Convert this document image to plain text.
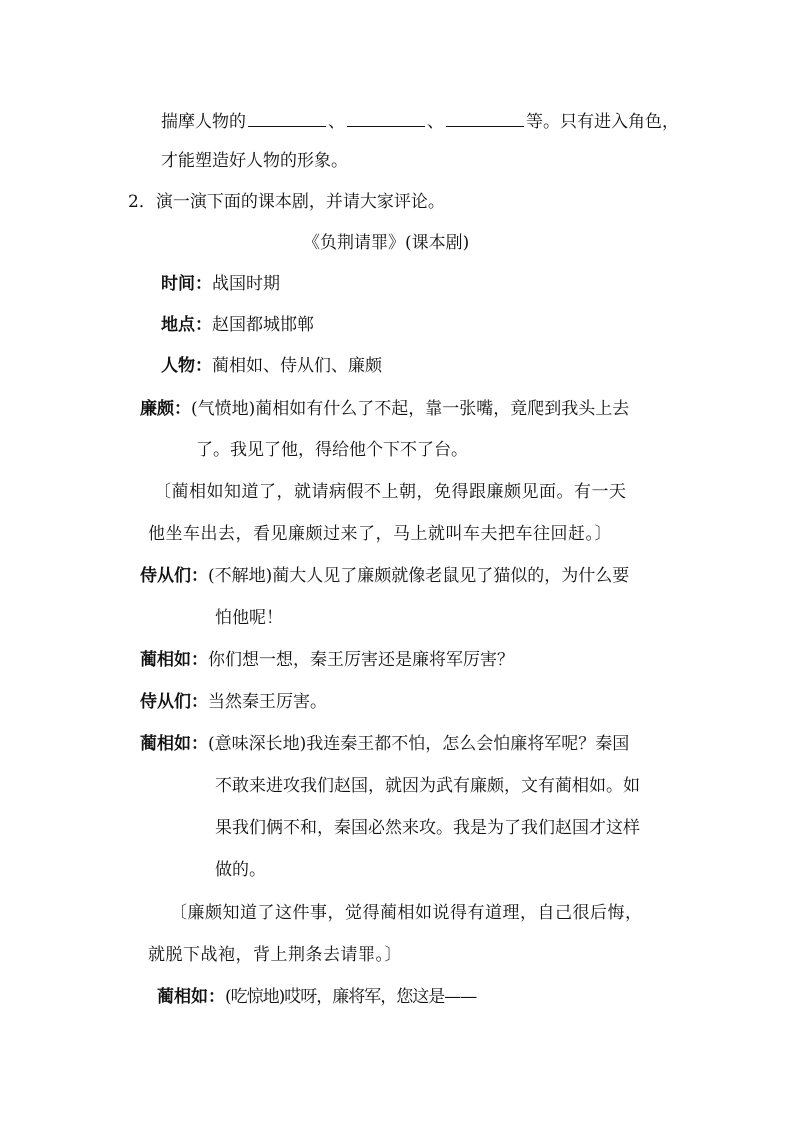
揣摩人物的	、	、	等。只有进入角色，
才能塑造好人物的形象。
2．演一演下面的课本剧，并请大家评论。
《负荆请罪》(课本剧)
时间：战国时期
地点：赵国都城邯郸
人物：蔺相如、侍从们、廉颇
廉颇：(气愤地)蔺相如有什么了不起，靠一张嘴，竟爬到我头上去
了。我见了他，得给他个下不了台。
〔蔺相如知道了，就请病假不上朝，免得跟廉颇见面。有一天
他坐车出去，看见廉颇过来了，马上就叫车夫把车往回赶。〕
侍从们：(不解地)蔺大人见了廉颇就像老鼠见了猫似的，为什么要
怕他呢！
蔺相如：你们想一想，秦王厉害还是廉将军厉害？
侍从们：当然秦王厉害。
蔺相如：(意味深长地)我连秦王都不怕，怎么会怕廉将军呢？秦国
不敢来进攻我们赵国，就因为武有廉颇，文有蔺相如。如
果我们俩不和，秦国必然来攻。我是为了我们赵国才这样
做的。
〔廉颇知道了这件事，觉得蔺相如说得有道理，自己很后悔，
就脱下战袍，背上荆条去请罪。〕
蔺相如：(吃惊地)哎呀，廉将军，您这是——
